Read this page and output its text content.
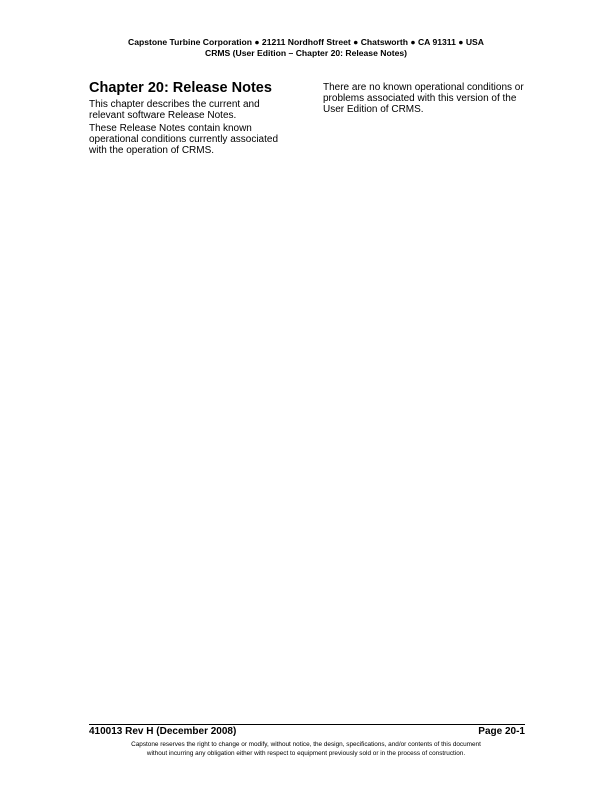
Capstone Turbine Corporation ● 21211 Nordhoff Street ● Chatsworth ● CA 91311 ● USA
CRMS (User Edition – Chapter 20: Release Notes)
Chapter 20: Release Notes

This chapter describes the current and relevant software Release Notes.

These Release Notes contain known operational conditions currently associated with the operation of CRMS.

There are no known operational conditions or problems associated with this version of the User Edition of CRMS.

410013 Rev H (December 2008)	Page 20-1
Capstone reserves the right to change or modify, without notice, the design, specifications, and/or contents of this document
without incurring any obligation either with respect to equipment previously sold or in the process of construction.
